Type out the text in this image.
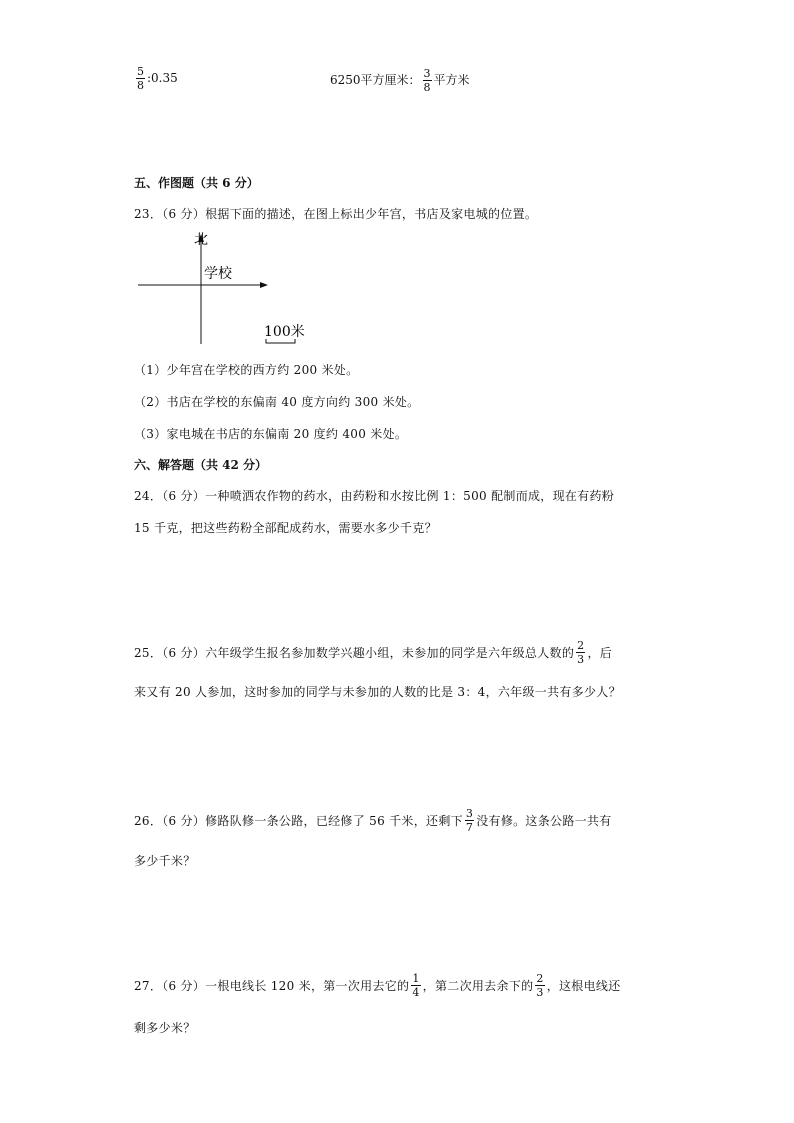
$\frac{5}{8}$ :0.35	6250平方厘米： $\frac{3}{8}$ 平方米
五、作图题（共 6 分）
23．（6 分）根据下面的描述，在图上标出少年宫，书店及家电城的位置。
北
学校
100米
（1）少年宫在学校的西方约 200 米处。
（2）书店在学校的东偏南 40 度方向约 300 米处。
（3）家电城在书店的东偏南 20 度约 400 米处。
六、解答题（共 42 分）
24．（6 分）一种喷洒农作物的药水，由药粉和水按比例 1：500 配制而成，现在有药粉
15 千克，把这些药粉全部配成药水，需要水多少千克？
25．（6 分）六年级学生报名参加数学兴趣小组，未参加的同学是六年级总人数的 $\frac{2}{3}$ ，后
来又有 20 人参加，这时参加的同学与未参加的人数的比是 3：4，六年级一共有多少人？
26．（6 分）修路队修一条公路，已经修了 56 千米，还剩下 $\frac{3}{7}$ 没有修。这条公路一共有
多少千米？
27．（6 分）一根电线长 120 米，第一次用去它的 $\frac{1}{4}$ ，第二次用去余下的 $\frac{2}{3}$ ，这根电线还
剩多少米？
